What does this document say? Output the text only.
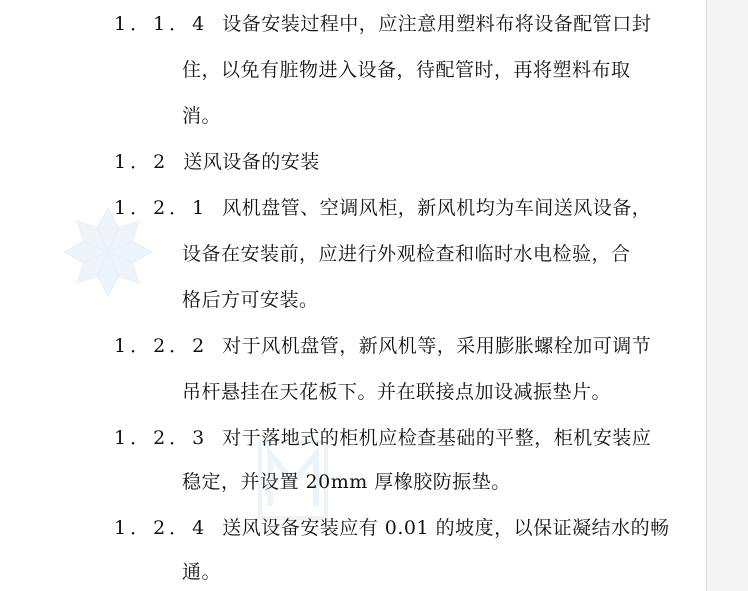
1．1．4 设备安装过程中，应注意用塑料布将设备配管口封
住，以免有脏物进入设备，待配管时，再将塑料布取
消。
1．2 送风设备的安装
1．2．1 风机盘管、空调风柜，新风机均为车间送风设备，
设备在安装前，应进行外观检查和临时水电检验，合
格后方可安装。
1．2．2 对于风机盘管，新风机等，采用膨胀螺栓加可调节
吊杆悬挂在天花板下。并在联接点加设减振垫片。
1．2．3 对于落地式的柜机应检查基础的平整，柜机安装应
稳定，并设置 20mm 厚橡胶防振垫。
1．2．4 送风设备安装应有 0.01 的坡度，以保证凝结水的畅
通。
